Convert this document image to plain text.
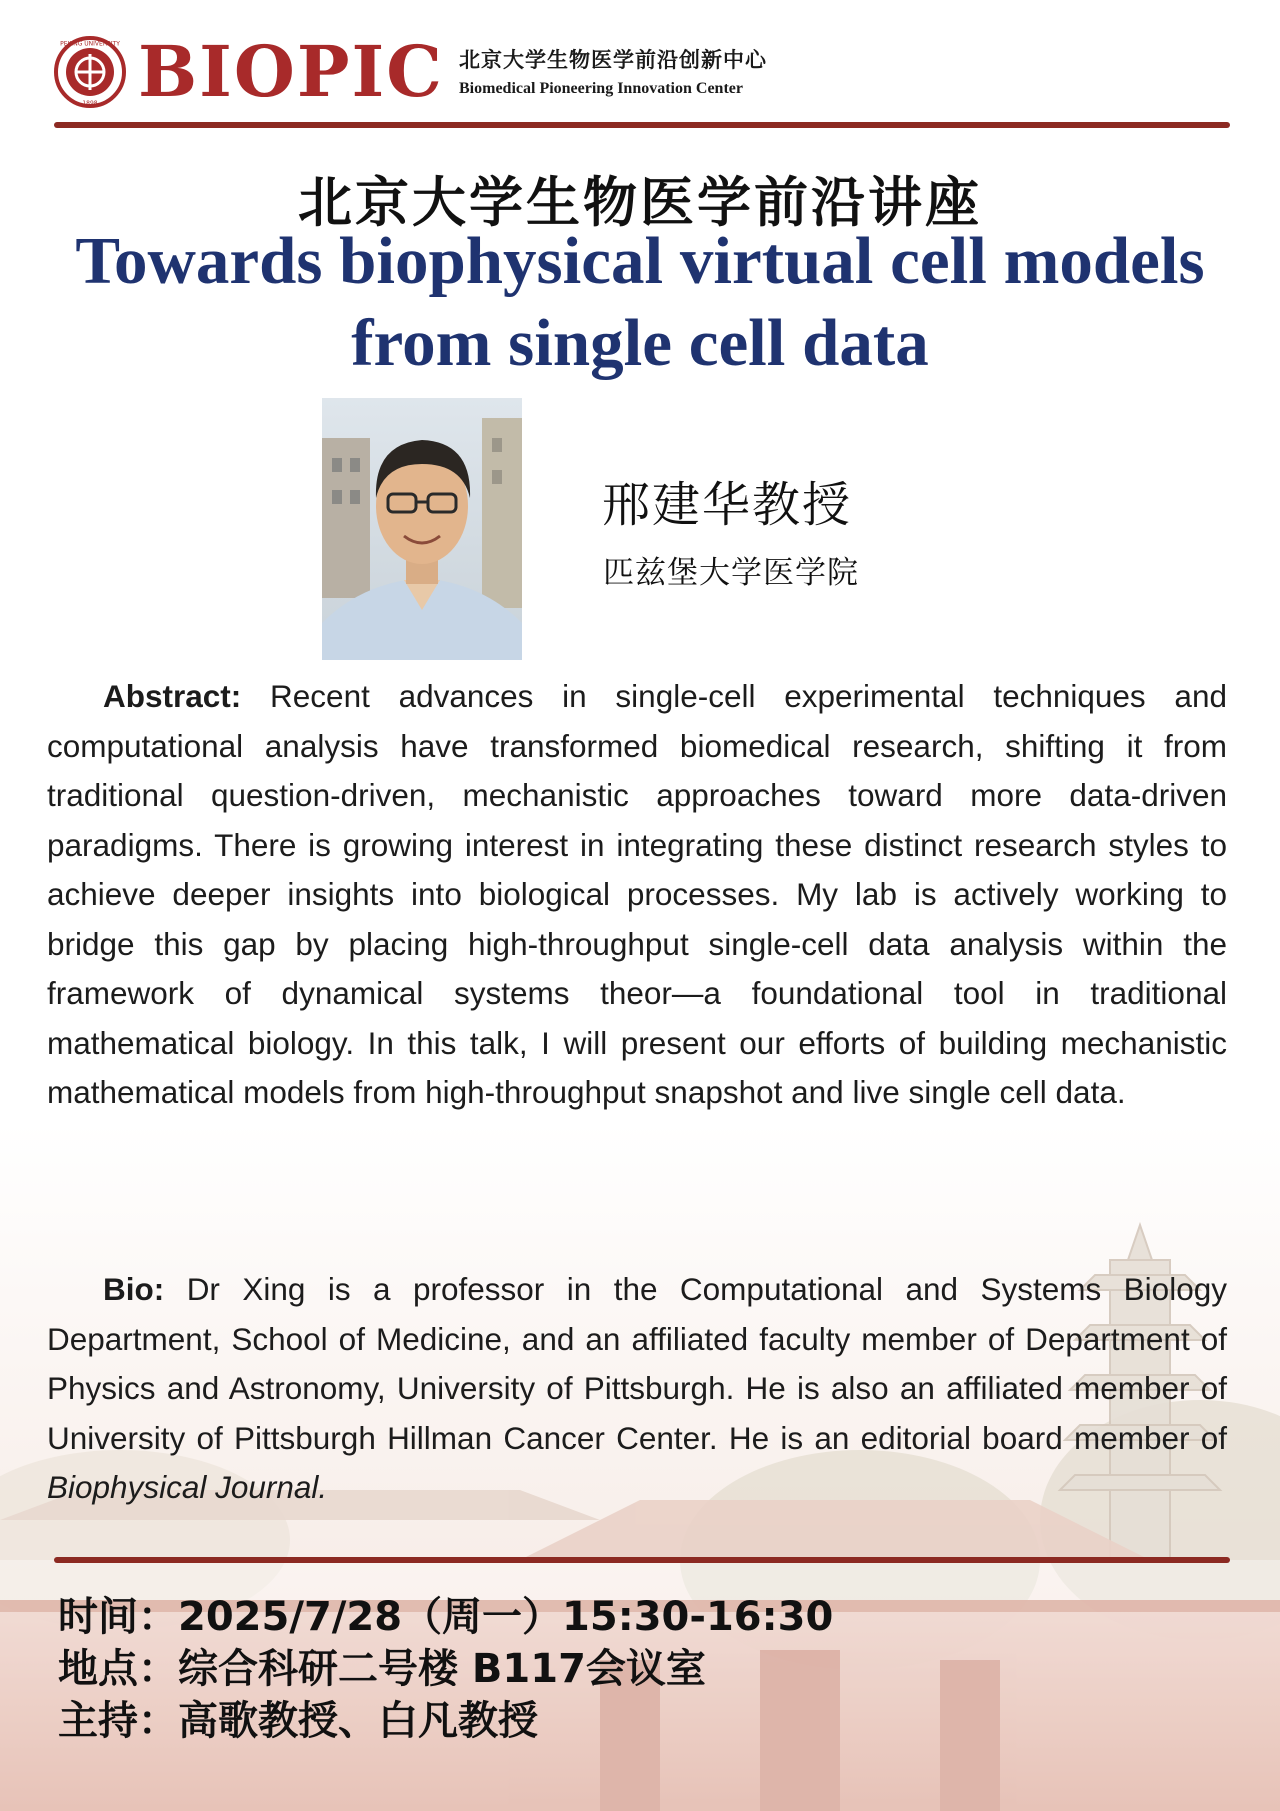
PEKING UNIVERSITY
1898 BIOPIC 北京大学生物医学前沿创新中心
Biomedical Pioneering Innovation Center
北京大学生物医学前沿讲座
Towards biophysical virtual cell models
from single cell data
邢建华教授
匹兹堡大学医学院
Abstract: Recent advances in single-cell experimental techniques and computational analysis have transformed biomedical research, shifting it from traditional question-driven, mechanistic approaches toward more data-driven paradigms. There is growing interest in integrating these distinct research styles to achieve deeper insights into biological processes. My lab is actively working to bridge this gap by placing high-throughput single-cell data analysis within the framework of dynamical systems theor—a foundational tool in traditional mathematical biology. In this talk, I will present our efforts of building mechanistic mathematical models from high-throughput snapshot and live single cell data.
Bio: Dr Xing is a professor in the Computational and Systems Biology Department, School of Medicine, and an affiliated faculty member of Department of Physics and Astronomy, University of Pittsburgh. He is also an affiliated member of University of Pittsburgh Hillman Cancer Center. He is an editorial board member of Biophysical Journal.
时间：2025/7/28（周一）15:30-16:30
地点：综合科研二号楼 B117会议室
主持：高歌教授、白凡教授
